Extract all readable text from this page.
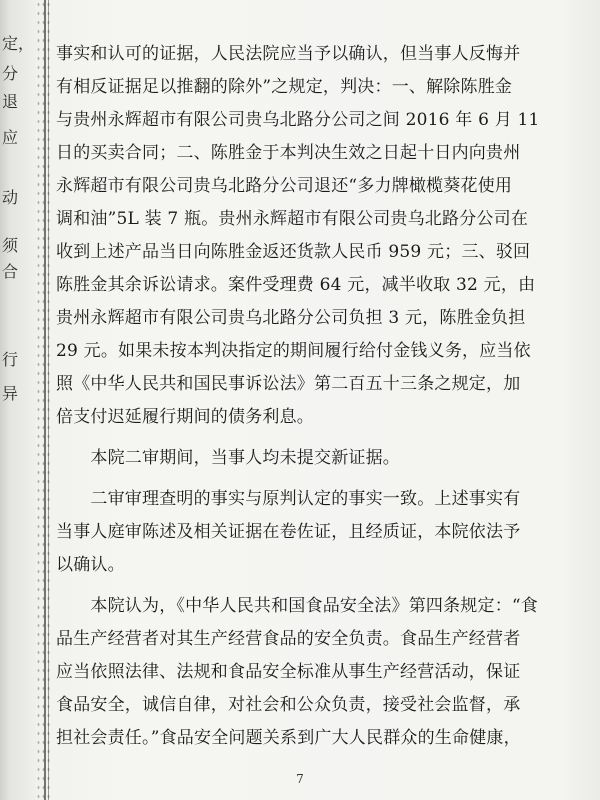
定，
分
退
应
动
须
合
行
异
事实和认可的证据，人民法院应当予以确认，但当事人反悔并
有相反证据足以推翻的除外”之规定，判决：一、解除陈胜金
与贵州永辉超市有限公司贵乌北路分公司之间 2016 年 6 月 11
日的买卖合同；二、陈胜金于本判决生效之日起十日内向贵州
永辉超市有限公司贵乌北路分公司退还“多力牌橄榄葵花使用
调和油”5L 装 7 瓶。贵州永辉超市有限公司贵乌北路分公司在
收到上述产品当日向陈胜金返还货款人民币 959 元；三、驳回
陈胜金其余诉讼请求。案件受理费 64 元，减半收取 32 元，由
贵州永辉超市有限公司贵乌北路分公司负担 3 元，陈胜金负担
29 元。如果未按本判决指定的期间履行给付金钱义务，应当依
照《中华人民共和国民事诉讼法》第二百五十三条之规定，加
倍支付迟延履行期间的债务利息。
　　本院二审期间，当事人均未提交新证据。
　　二审审理查明的事实与原判认定的事实一致。上述事实有
当事人庭审陈述及相关证据在卷佐证，且经质证，本院依法予
以确认。
　　本院认为，《中华人民共和国食品安全法》第四条规定：“食
品生产经营者对其生产经营食品的安全负责。食品生产经营者
应当依照法律、法规和食品安全标准从事生产经营活动，保证
食品安全，诚信自律，对社会和公众负责，接受社会监督，承
担社会责任。”食品安全问题关系到广大人民群众的生命健康，
7
